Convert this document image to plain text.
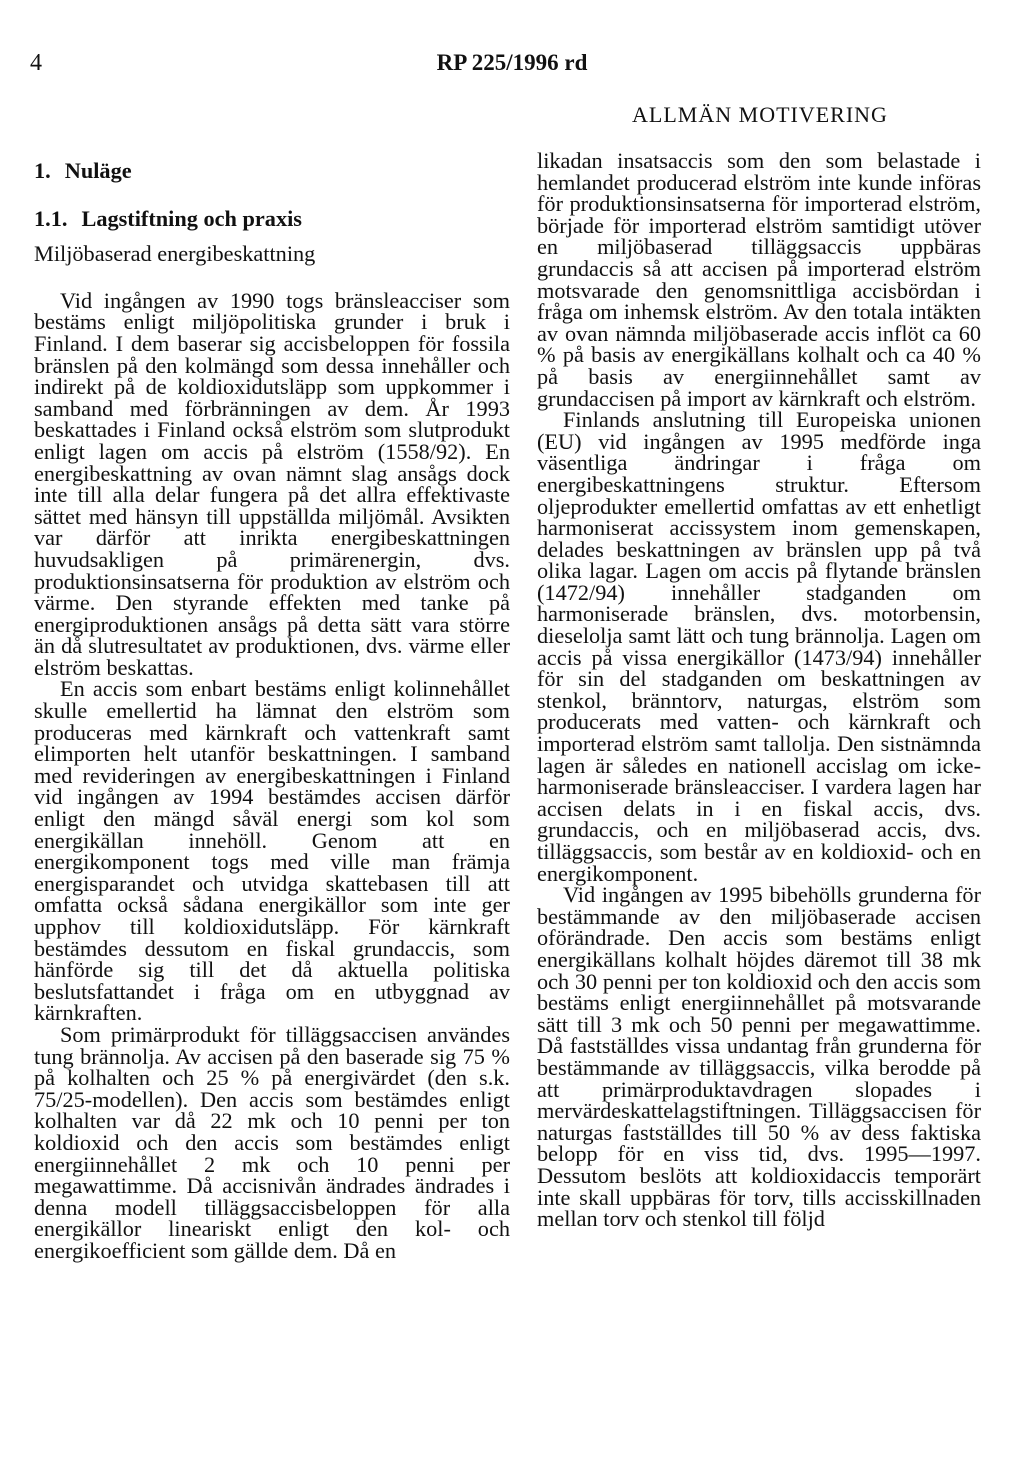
4	RP 225/1996 rd
ALLMÄN MOTIVERING

1. Nuläge

1.1. Lagstiftning och praxis

Miljöbaserad energibeskattning

Vid ingången av 1990 togs bränsleacciser som bestäms enligt miljöpolitiska grunder i bruk i Finland. I dem baserar sig accisbeloppen för fossila bränslen på den kolmängd som dessa innehåller och indirekt på de koldioxidutsläpp som uppkommer i samband med förbränningen av dem. År 1993 beskattades i Finland också elström som slutprodukt enligt lagen om accis på elström (1558/92). En energibeskattning av ovan nämnt slag ansågs dock inte till alla delar fungera på det allra effektivaste sättet med hänsyn till uppställda miljömål. Avsikten var därför att inrikta energibeskattningen huvudsakligen på primärenergin, dvs. produktionsinsatserna för produktion av elström och värme. Den styrande effekten med tanke på energiproduktionen ansågs på detta sätt vara större än då slutresultatet av produktionen, dvs. värme eller elström beskattas.

En accis som enbart bestäms enligt kolinnehållet skulle emellertid ha lämnat den elström som produceras med kärnkraft och vattenkraft samt elimporten helt utanför beskattningen. I samband med revideringen av energibeskattningen i Finland vid ingången av 1994 bestämdes accisen därför enligt den mängd såväl energi som kol som energikällan innehöll. Genom att en energikomponent togs med ville man främja energisparandet och utvidga skattebasen till att omfatta också sådana energikällor som inte ger upphov till koldioxidutsläpp. För kärnkraft bestämdes dessutom en fiskal grundaccis, som hänförde sig till det då aktuella politiska beslutsfattandet i fråga om en utbyggnad av kärnkraften.

Som primärprodukt för tilläggsaccisen användes tung brännolja. Av accisen på den baserade sig 75 % på kolhalten och 25 % på energivärdet (den s.k. 75/25-modellen). Den accis som bestämdes enligt kolhalten var då 22 mk och 10 penni per ton koldioxid och den accis som bestämdes enligt energiinnehållet 2 mk och 10 penni per megawattimme. Då accisnivån ändrades ändrades i denna modell tilläggsaccisbeloppen för alla energikällor lineariskt enligt den kol- och energikoefficient som gällde dem. Då en

likadan insatsaccis som den som belastade i hemlandet producerad elström inte kunde införas för produktionsinsatserna för importerad elström, började för importerad elström samtidigt utöver en miljöbaserad tilläggsaccis uppbäras grundaccis så att accisen på importerad elström motsvarade den genomsnittliga accisbördan i fråga om inhemsk elström. Av den totala intäkten av ovan nämnda miljöbaserade accis inflöt ca 60 % på basis av energikällans kolhalt och ca 40 % på basis av energiinnehållet samt av grundaccisen på import av kärnkraft och elström.

Finlands anslutning till Europeiska unionen (EU) vid ingången av 1995 medförde inga väsentliga ändringar i fråga om energibeskattningens struktur. Eftersom oljeprodukter emellertid omfattas av ett enhetligt harmoniserat accissystem inom gemenskapen, delades beskattningen av bränslen upp på två olika lagar. Lagen om accis på flytande bränslen (1472/94) innehåller stadganden om harmoniserade bränslen, dvs. motorbensin, dieselolja samt lätt och tung brännolja. Lagen om accis på vissa energikällor (1473/94) innehåller för sin del stadganden om beskattningen av stenkol, bränntorv, naturgas, elström som producerats med vatten- och kärnkraft och importerad elström samt tallolja. Den sistnämnda lagen är således en nationell accislag om icke-harmoniserade bränsleacciser. I vardera lagen har accisen delats in i en fiskal accis, dvs. grundaccis, och en miljöbaserad accis, dvs. tilläggsaccis, som består av en koldioxid- och en energikomponent.

Vid ingången av 1995 bibehölls grunderna för bestämmande av den miljöbaserade accisen oförändrade. Den accis som bestäms enligt energikällans kolhalt höjdes däremot till 38 mk och 30 penni per ton koldioxid och den accis som bestäms enligt energiinnehållet på motsvarande sätt till 3 mk och 50 penni per megawattimme. Då fastställdes vissa undantag från grunderna för bestämmande av tilläggsaccis, vilka berodde på att primärproduktavdragen slopades i mervärdeskattelagstiftningen. Tilläggsaccisen för naturgas fastställdes till 50 % av dess faktiska belopp för en viss tid, dvs. 1995—1997. Dessutom beslöts att koldioxidaccis temporärt inte skall uppbäras för torv, tills accisskillnaden mellan torv och stenkol till följd
